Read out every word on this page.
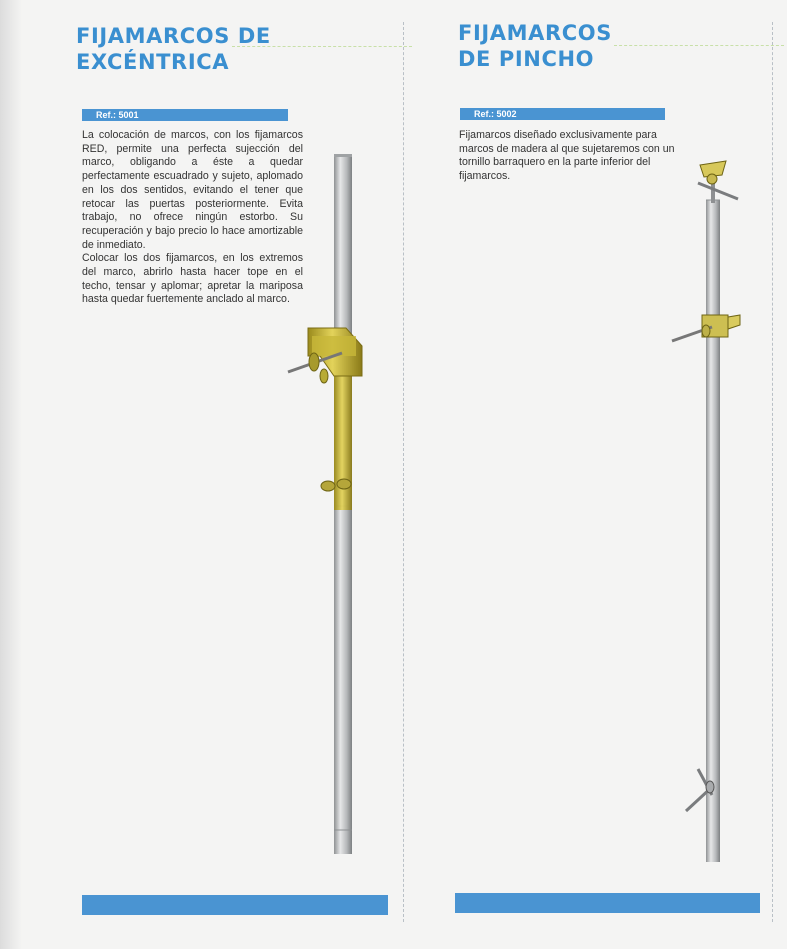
FIJAMARCOS DE
EXCÉNTRICA
Ref.: 5001

La colocación de marcos, con los fijamarcos RED, permite una perfecta sujección del marco, obligando a éste a quedar perfectamente escuadrado y sujeto, aplomado en los dos sentidos, evitando el tener que retocar las puertas posteriormente. Evita trabajo, no ofrece ningún estorbo. Su recuperación y bajo precio lo hace amortizable de inmediato.

Colocar los dos fijamarcos, en los extremos del marco, abrirlo hasta hacer tope en el techo, tensar y aplomar; apretar la mariposa hasta quedar fuertemente anclado al marco.

FIJAMARCOS
DE PINCHO
Ref.: 5002

Fijamarcos diseñado exclusivamente para marcos de madera al que sujetaremos con un tornillo barraquero en la parte inferior del fijamarcos.
